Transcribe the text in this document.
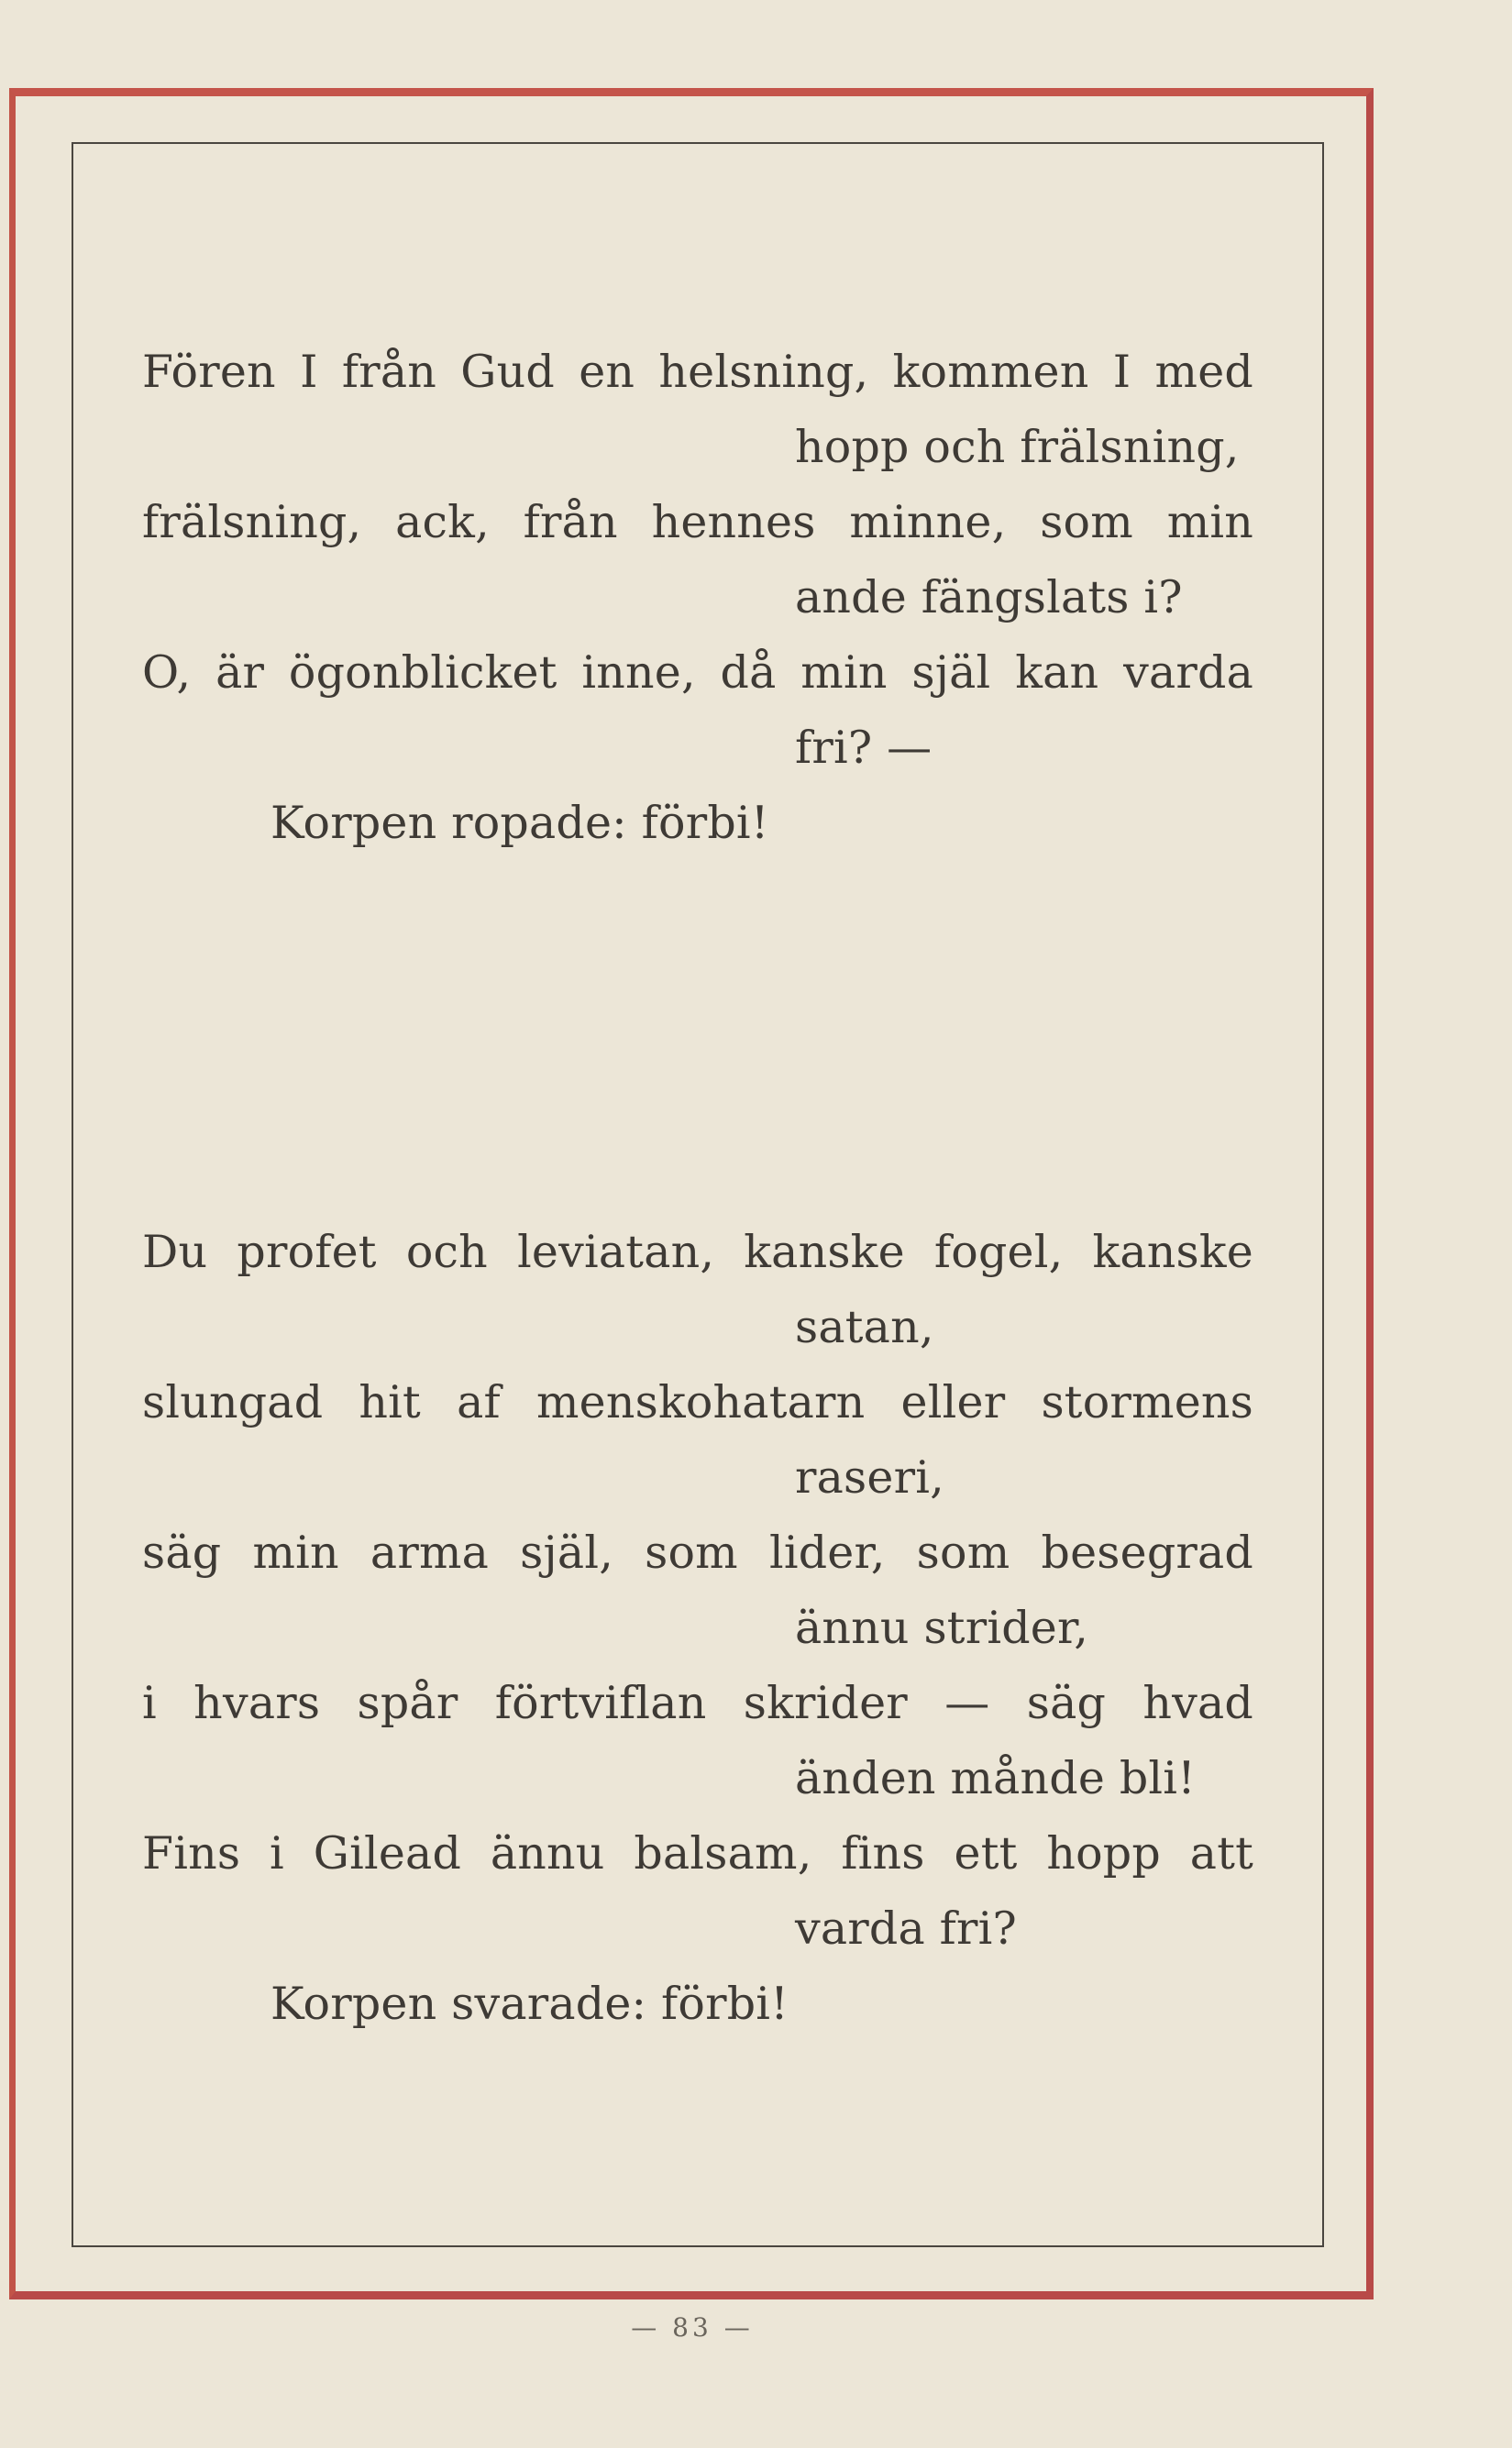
Fören I från Gud en helsning, kommen I med
hopp och frälsning,
frälsning, ack, från hennes minne, som min
ande fängslats i?
O, är ögonblicket inne, då min själ kan varda
fri? —
Korpen ropade: förbi!
Du profet och leviatan, kanske fogel, kanske
satan,
slungad hit af menskohatarn eller stormens
raseri,
säg min arma själ, som lider, som besegrad
ännu strider,
i hvars spår förtviflan skrider — säg hvad
änden månde bli!
Fins i Gilead ännu balsam, fins ett hopp att
varda fri?
Korpen svarade: förbi!
— 83 —
